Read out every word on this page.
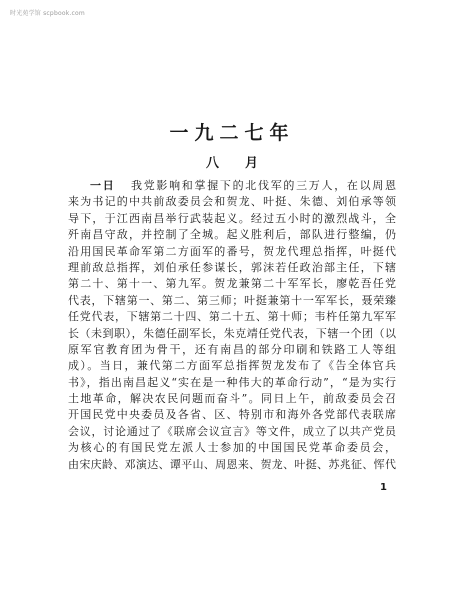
时光苑学馆 scpbook.com
一九二七年
八月
一日 我党影响和掌握下的北伐军的三万人，在以周恩
来为书记的中共前敌委员会和贺龙、叶挺、朱德、刘伯承等领
导下，于江西南昌举行武装起义。经过五小时的激烈战斗，全
歼南昌守敌，并控制了全城。起义胜利后，部队进行整编，仍
沿用国民革命军第二方面军的番号，贺龙代理总指挥，叶挺代
理前敌总指挥，刘伯承任参谋长，郭沫若任政治部主任，下辖
第二十、第十一、第九军。贺龙兼第二十军军长，廖乾吾任党
代表，下辖第一、第二、第三师；叶挺兼第十一军军长，聂荣臻
任党代表，下辖第二十四、第二十五、第十师；韦杵任第九军军
长（未到职），朱德任副军长，朱克靖任党代表，下辖一个团（以
原军官教育团为骨干，还有南昌的部分印刷和铁路工人等组
成）。当日，兼代第二方面军总指挥贺龙发布了《告全体官兵
书》，指出南昌起义“实在是一种伟大的革命行动”，“是为实行
土地革命，解决农民问题而奋斗”。同日上午，前敌委员会召
开国民党中央委员及各省、区、特别市和海外各党部代表联席
会议，讨论通过了《联席会议宣言》等文件，成立了以共产党员
为核心的有国民党左派人士参加的中国国民党革命委员会，
由宋庆龄、邓演达、谭平山、周恩来、贺龙、叶挺、苏兆征、恽代
1
